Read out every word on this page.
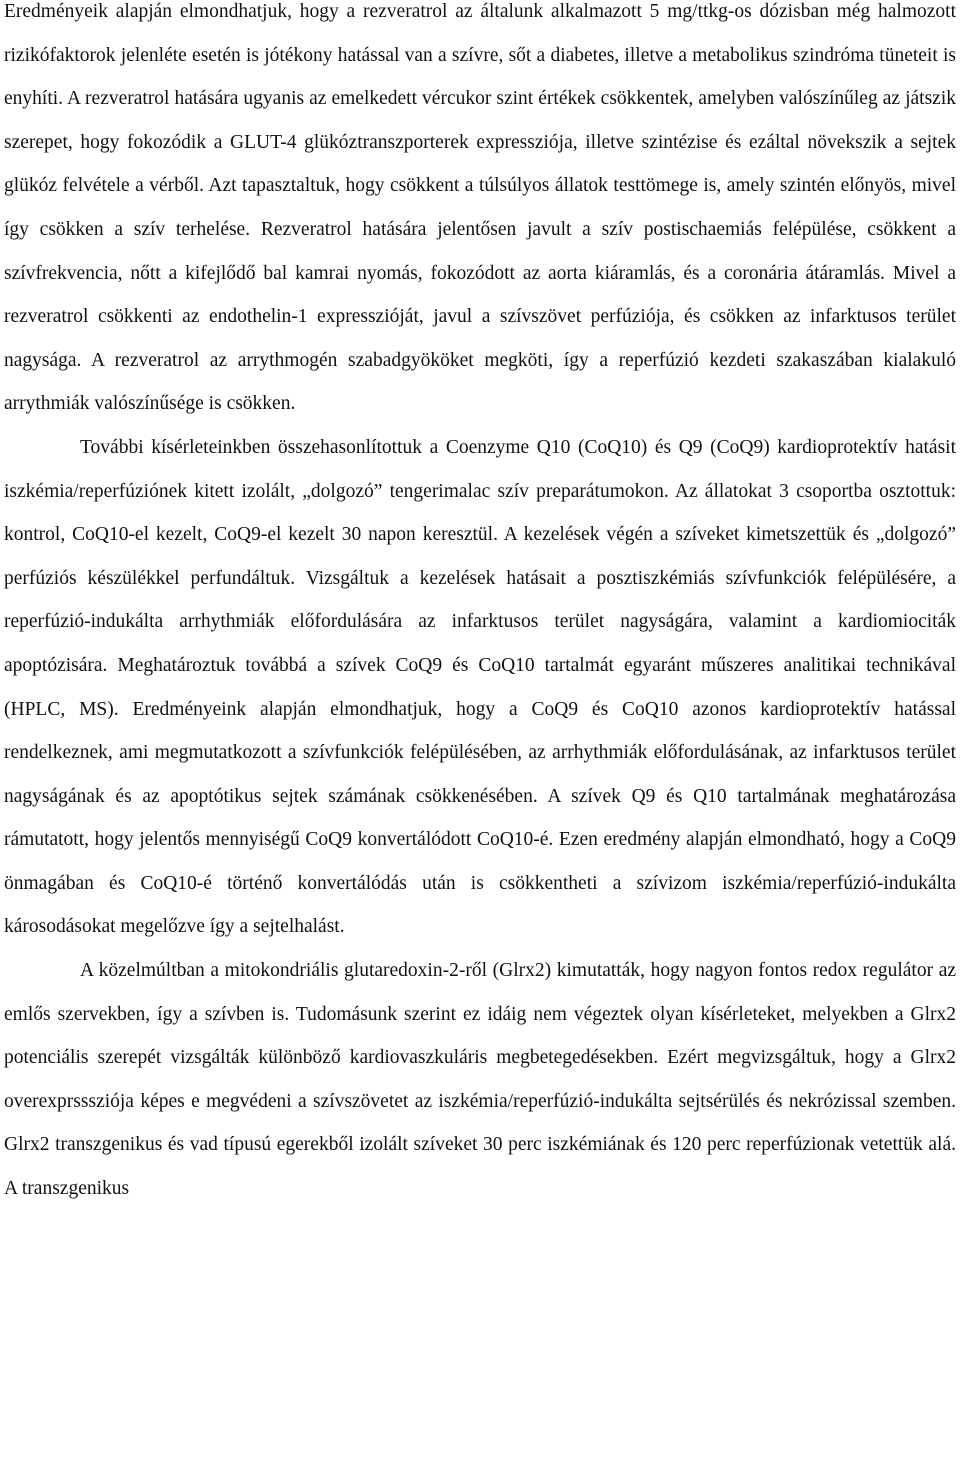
Eredményeik alapján elmondhatjuk, hogy a rezveratrol az általunk alkalmazott 5 mg/ttkg-os dózisban még halmozott rizikófaktorok jelenléte esetén is jótékony hatással van a szívre, sőt a diabetes, illetve a metabolikus szindróma tüneteit is enyhíti. A rezveratrol hatására ugyanis az emelkedett vércukor szint értékek csökkentek, amelyben valószínűleg az játszik szerepet, hogy fokozódik a GLUT-4 glükóztranszporterek expressziója, illetve szintézise és ezáltal növekszik a sejtek glükóz felvétele a vérből. Azt tapasztaltuk, hogy csökkent a túlsúlyos állatok testtömege is, amely szintén előnyös, mivel így csökken a szív terhelése. Rezveratrol hatására jelentősen javult a szív postischaemiás felépülése, csökkent a szívfrekvencia, nőtt a kifejlődő bal kamrai nyomás, fokozódott az aorta kiáramlás, és a coronária átáramlás. Mivel a rezveratrol csökkenti az endothelin-1 expresszióját, javul a szívszövet perfúziója, és csökken az infarktusos terület nagysága. A rezveratrol az arrythmogén szabadgyököket megköti, így a reperfúzió kezdeti szakaszában kialakuló arrythmiák valószínűsége is csökken.

További kísérleteinkben összehasonlítottuk a Coenzyme Q10 (CoQ10) és Q9 (CoQ9) kardioprotektív hatásit iszkémia/reperfúziónek kitett izolált, „dolgozó” tengerimalac szív preparátumokon. Az állatokat 3 csoportba osztottuk: kontrol, CoQ10-el kezelt, CoQ9-el kezelt 30 napon keresztül. A kezelések végén a szíveket kimetszettük és „dolgozó” perfúziós készülékkel perfundáltuk. Vizsgáltuk a kezelések hatásait a posztiszkémiás szívfunkciók felépülésére, a reperfúzió-indukálta arrhythmiák előfordulására az infarktusos terület nagyságára, valamint a kardiomiociták apoptózisára. Meghatároztuk továbbá a szívek CoQ9 és CoQ10 tartalmát egyaránt műszeres analitikai technikával (HPLC, MS). Eredményeink alapján elmondhatjuk, hogy a CoQ9 és CoQ10 azonos kardioprotektív hatással rendelkeznek, ami megmutatkozott a szívfunkciók felépülésében, az arrhythmiák előfordulásának, az infarktusos terület nagyságának és az apoptótikus sejtek számának csökkenésében. A szívek Q9 és Q10 tartalmának meghatározása rámutatott, hogy jelentős mennyiségű CoQ9 konvertálódott CoQ10-é. Ezen eredmény alapján elmondható, hogy a CoQ9 önmagában és CoQ10-é történő konvertálódás után is csökkentheti a szívizom iszkémia/reperfúzió-indukálta károsodásokat megelőzve így a sejtelhalást.

A közelmúltban a mitokondriális glutaredoxin-2-ről (Glrx2) kimutatták, hogy nagyon fontos redox regulátor az emlős szervekben, így a szívben is. Tudomásunk szerint ez idáig nem végeztek olyan kísérleteket, melyekben a Glrx2 potenciális szerepét vizsgálták különböző kardiovaszkuláris megbetegedésekben. Ezért megvizsgáltuk, hogy a Glrx2 overexprsssziója képes e megvédeni a szívszövetet az iszkémia/reperfúzió-indukálta sejtsérülés és nekrózissal szemben. Glrx2 transzgenikus és vad típusú egerekből izolált szíveket 30 perc iszkémiának és 120 perc reperfúzionak vetettük alá. A transzgenikus
